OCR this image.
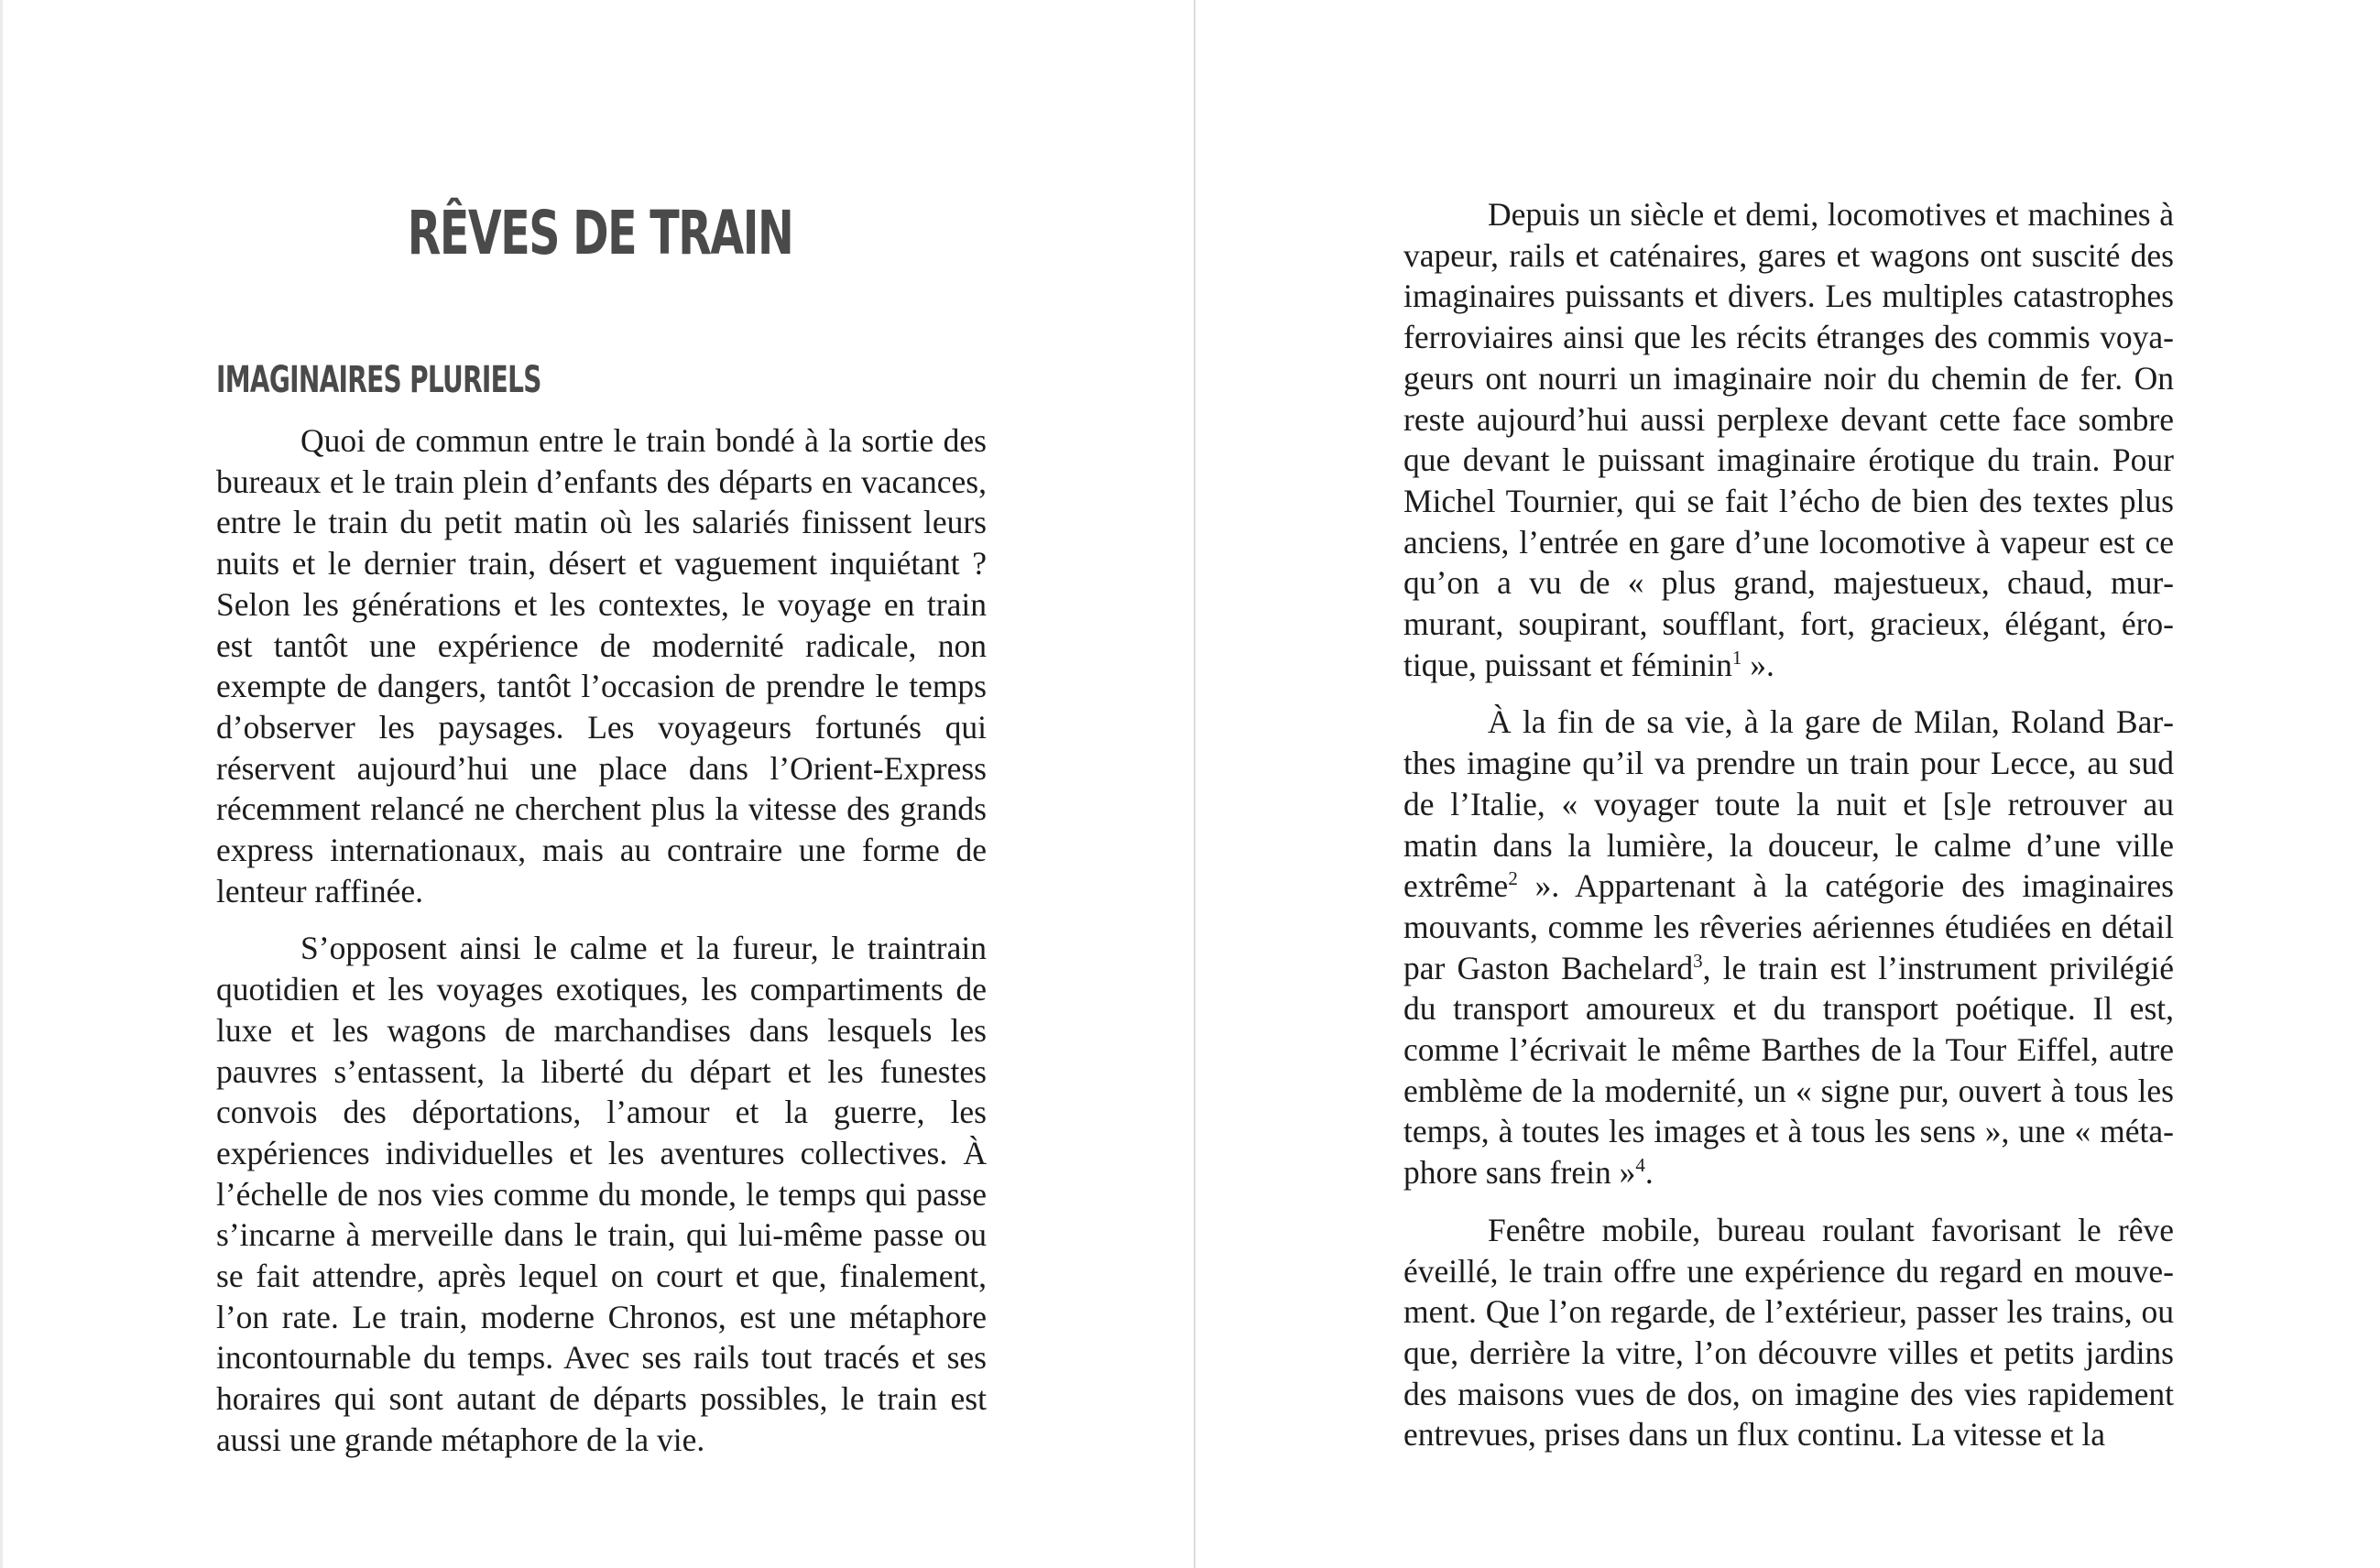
RÊVES DE TRAIN
IMAGINAIRES PLURIELS

Quoi de commun entre le train bondé à la sortie des bureaux et le train plein d’enfants des départs en vacances, entre le train du petit matin où les salariés finissent leurs nuits et le dernier train, désert et vaguement inquiétant ? Selon les générations et les contextes, le voyage en train est tantôt une expérience de modernité radicale, non exempte de dangers, tantôt l’occasion de prendre le temps d’observer les paysages. Les voyageurs fortunés qui réservent aujourd’hui une place dans l’Orient-Express récemment relancé ne cherchent plus la vitesse des grands express internationaux, mais au contraire une forme de lenteur raffinée.

S’opposent ainsi le calme et la fureur, le traintrain quotidien et les voyages exotiques, les compartiments de luxe et les wagons de marchandises dans lesquels les pauvres s’entassent, la liberté du départ et les funestes convois des déportations, l’amour et la guerre, les expériences individuelles et les aventures collectives. À l’échelle de nos vies comme du monde, le temps qui passe s’incarne à merveille dans le train, qui lui-même passe ou se fait attendre, après lequel on court et que, finalement, l’on rate. Le train, moderne Chronos, est une métaphore incontournable du temps. Avec ses rails tout tracés et ses horaires qui sont autant de départs possibles, le train est aussi une grande métaphore de la vie.

Depuis un siècle et demi, locomotives et machines à vapeur, rails et caténaires, gares et wagons ont suscité des imaginaires puissants et divers. Les multiples catastrophes ferroviaires ainsi que les récits étranges des commis voyageurs ont nourri un imaginaire noir du chemin de fer. On reste aujourd’hui aussi perplexe devant cette face sombre que devant le puissant imaginaire érotique du train. Pour Michel Tournier, qui se fait l’écho de bien des textes plus anciens, l’entrée en gare d’une locomotive à vapeur est ce qu’on a vu de « plus grand, majestueux, chaud, murmurant, soupirant, soufflant, fort, gracieux, élégant, érotique, puissant et féminin$^1$ ».

À la fin de sa vie, à la gare de Milan, Roland Barthes imagine qu’il va prendre un train pour Lecce, au sud de l’Italie, « voyager toute la nuit et [s]e retrouver au matin dans la lumière, la douceur, le calme d’une ville extrême$^2$ ». Appartenant à la catégorie des imaginaires mouvants, comme les rêveries aériennes étudiées en détail par Gaston Bachelard$^3$, le train est l’instrument privilégié du transport amoureux et du transport poétique. Il est, comme l’écrivait le même Barthes de la Tour Eiffel, autre emblème de la modernité, un « signe pur, ouvert à tous les temps, à toutes les images et à tous les sens », une « métaphore sans frein »$^4$.

Fenêtre mobile, bureau roulant favorisant le rêve éveillé, le train offre une expérience du regard en mouvement. Que l’on regarde, de l’extérieur, passer les trains, ou que, derrière la vitre, l’on découvre villes et petits jardins des maisons vues de dos, on imagine des vies rapidement entrevues, prises dans un flux continu. La vitesse et la
